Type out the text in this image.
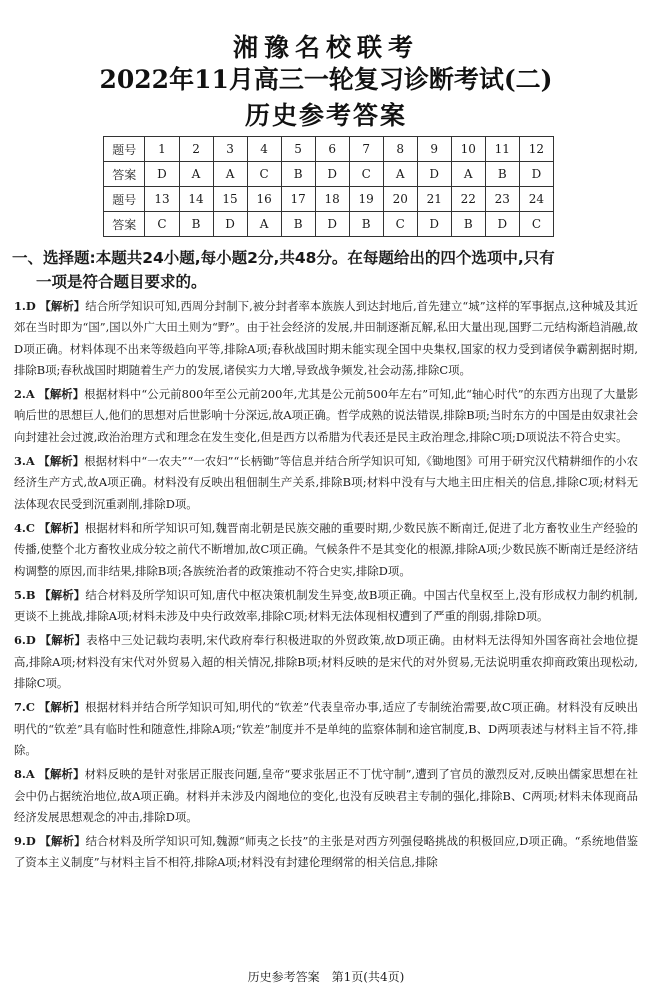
湘豫名校联考
2022年11月高三一轮复习诊断考试(二)
历史参考答案
题号	1	2	3	4	5	6	7	8	9	10	11	12
答案	D	A	A	C	B	D	C	A	D	A	B	D
题号	13	14	15	16	17	18	19	20	21	22	23	24
答案	C	B	D	A	B	D	B	C	D	B	D	C
一、选择题:本题共24小题,每小题2分,共48分。在每题给出的四个选项中,只有
一项是符合题目要求的。
1.D 【解析】结合所学知识可知,西周分封制下,被分封者率本族族人到达封地后,首先建立“城”这样的军事据点,这种城及其近郊在当时即为“国”,国以外广大田土则为“野”。由于社会经济的发展,井田制逐渐瓦解,私田大量出现,国野二元结构渐趋消融,故D项正确。材料体现不出来等级趋向平等,排除A项;春秋战国时期未能实现全国中央集权,国家的权力受到诸侯争霸割据时期,排除B项;春秋战国时期随着生产力的发展,诸侯实力大增,导致战争频发,社会动荡,排除C项。
2.A 【解析】根据材料中“公元前800年至公元前200年,尤其是公元前500年左右”可知,此“轴心时代”的东西方出现了大量影响后世的思想巨人,他们的思想对后世影响十分深远,故A项正确。哲学成熟的说法错误,排除B项;当时东方的中国是由奴隶社会向封建社会过渡,政治治理方式和理念在发生变化,但是西方以希腊为代表还是民主政治理念,排除C项;D项说法不符合史实。
3.A 【解析】根据材料中“一农夫”“一农妇”“长柄锄”等信息并结合所学知识可知,《锄地图》可用于研究汉代精耕细作的小农经济生产方式,故A项正确。材料没有反映出租佃制生产关系,排除B项;材料中没有与大地主田庄相关的信息,排除C项;材料无法体现农民受到沉重剥削,排除D项。
4.C 【解析】根据材料和所学知识可知,魏晋南北朝是民族交融的重要时期,少数民族不断南迁,促进了北方畜牧业生产经验的传播,使整个北方畜牧业成分较之前代不断增加,故C项正确。气候条件不是其变化的根源,排除A项;少数民族不断南迁是经济结构调整的原因,而非结果,排除B项;各族统治者的政策推动不符合史实,排除D项。
5.B 【解析】结合材料及所学知识可知,唐代中枢决策机制发生异变,故B项正确。中国古代皇权至上,没有形成权力制约机制,更谈不上挑战,排除A项;材料未涉及中央行政效率,排除C项;材料无法体现相权遭到了严重的削弱,排除D项。
6.D 【解析】表格中三处记载均表明,宋代政府奉行积极进取的外贸政策,故D项正确。由材料无法得知外国客商社会地位提高,排除A项;材料没有宋代对外贸易入超的相关情况,排除B项;材料反映的是宋代的对外贸易,无法说明重农抑商政策出现松动,排除C项。
7.C 【解析】根据材料并结合所学知识可知,明代的“钦差”代表皇帝办事,适应了专制统治需要,故C项正确。材料没有反映出明代的“钦差”具有临时性和随意性,排除A项;“钦差”制度并不是单纯的监察体制和途官制度,B、D两项表述与材料主旨不符,排除。
8.A 【解析】材料反映的是针对张居正服丧问题,皇帝“要求张居正不丁忧守制”,遭到了官员的激烈反对,反映出儒家思想在社会中仍占据统治地位,故A项正确。材料并未涉及内阁地位的变化,也没有反映君主专制的强化,排除B、C两项;材料未体现商品经济发展思想观念的冲击,排除D项。
9.D 【解析】结合材料及所学知识可知,魏源“师夷之长技”的主张是对西方列强侵略挑战的积极回应,D项正确。“系统地借鉴了资本主义制度”与材料主旨不相符,排除A项;材料没有封建伦理纲常的相关信息,排除
历史参考答案　第1页(共4页)
